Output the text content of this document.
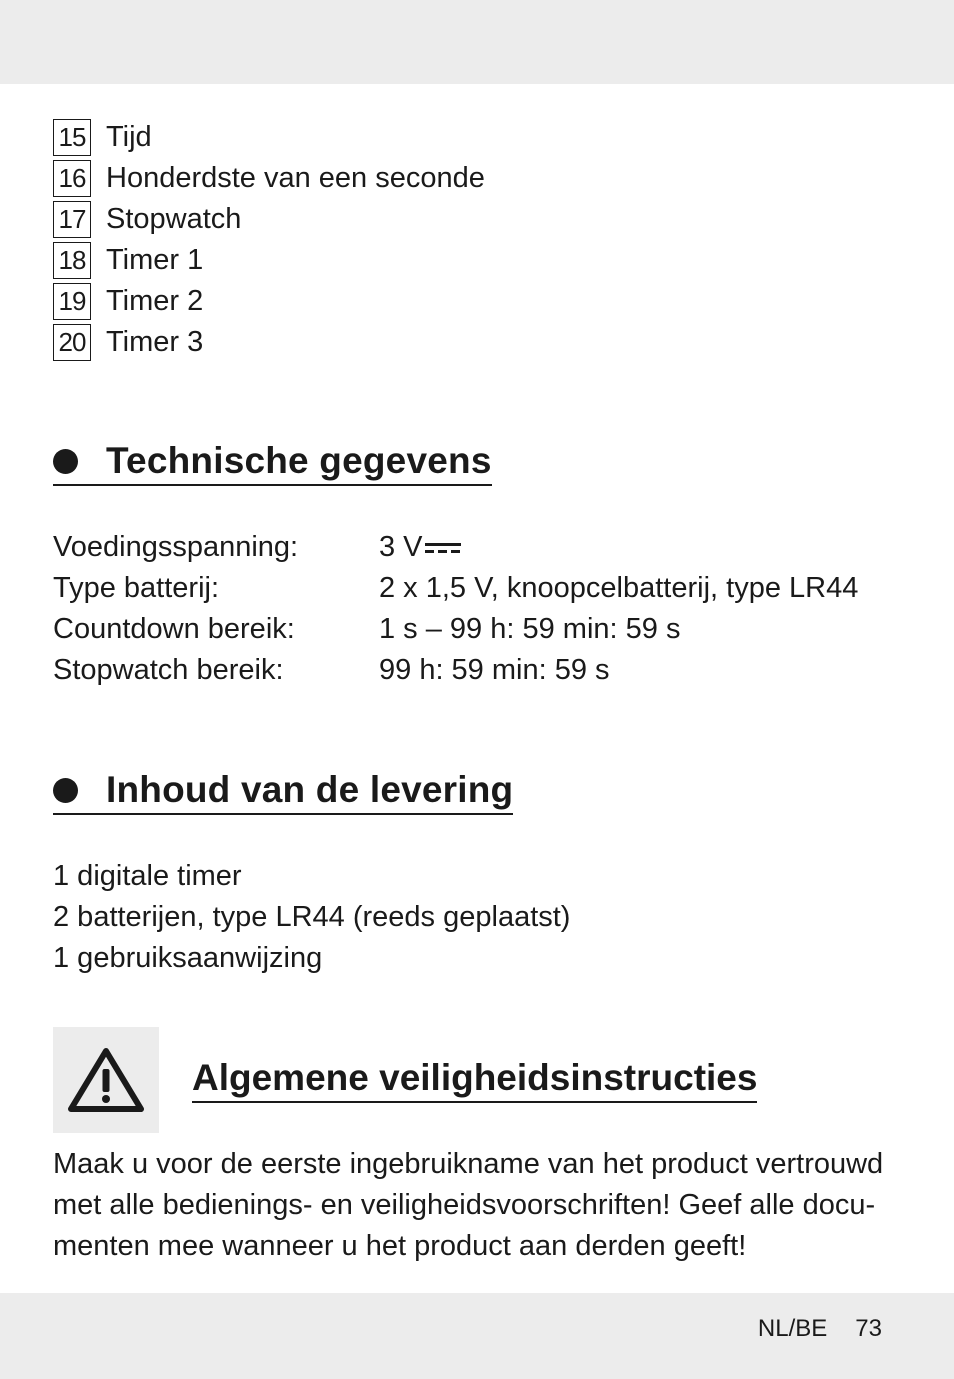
15 Tijd
16 Honderdste van een seconde
17 Stopwatch
18 Timer 1
19 Timer 2
20 Timer 3
Technische gegevens
Voedingsspanning:	3 V
Type batterij:	2 x 1,5 V, knoopcelbatterij, type LR44
Countdown bereik:	1 s – 99 h: 59 min: 59 s
Stopwatch bereik:	99 h: 59 min: 59 s
Inhoud van de levering
1 digitale timer
2 batterijen, type LR44 (reeds geplaatst)
1 gebruiksaanwijzing
Algemene veiligheidsinstructies
Maak u voor de eerste ingebruikname van het product vertrouwd
met alle bedienings- en veiligheidsvoorschriften! Geef alle docu-
menten mee wanneer u het product aan derden geeft!
NL/BE 73
